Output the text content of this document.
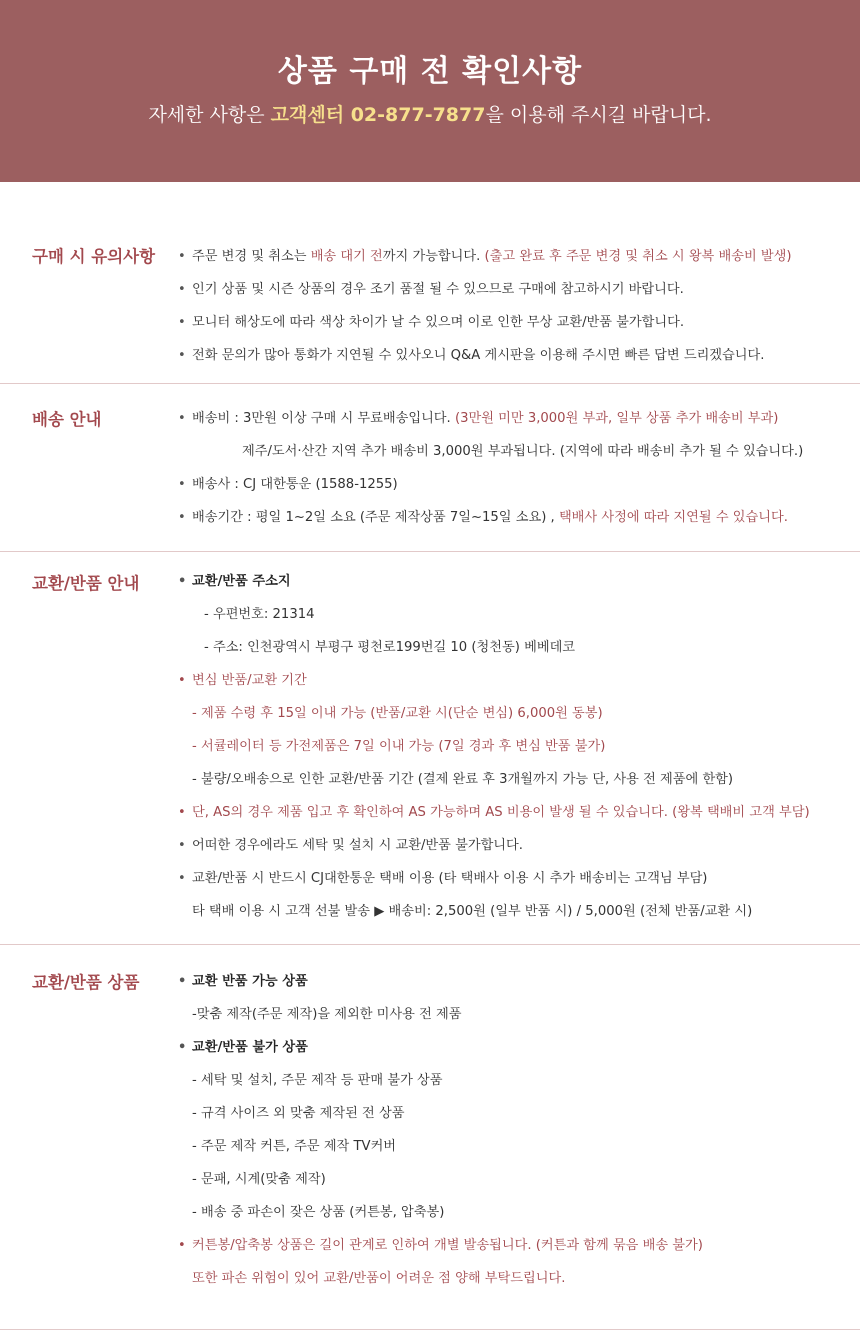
상품 구매 전 확인사항
자세한 사항은 고객센터 02-877-7877을 이용해 주시길 바랍니다.
구매 시 유의사항	• 주문 변경 및 취소는 배송 대기 전까지 가능합니다. (출고 완료 후 주문 변경 및 취소 시 왕복 배송비 발생)
• 인기 상품 및 시즌 상품의 경우 조기 품절 될 수 있으므로 구매에 참고하시기 바랍니다.
• 모니터 해상도에 따라 색상 차이가 날 수 있으며 이로 인한 무상 교환/반품 불가합니다.
• 전화 문의가 많아 통화가 지연될 수 있사오니 Q&A 게시판을 이용해 주시면 빠른 답변 드리겠습니다.
배송 안내	• 배송비 : 3만원 이상 구매 시 무료배송입니다. (3만원 미만 3,000원 부과, 일부 상품 추가 배송비 부과)
제주/도서·산간 지역 추가 배송비 3,000원 부과됩니다. (지역에 따라 배송비 추가 될 수 있습니다.)
• 배송사 : CJ 대한통운 (1588-1255)
• 배송기간 : 평일 1~2일 소요 (주문 제작상품 7일~15일 소요) , 택배사 사정에 따라 지연될 수 있습니다.
교환/반품 안내	• 교환/반품 주소지
- 우편번호: 21314
- 주소: 인천광역시 부평구 평천로199번길 10 (청천동) 베베데코
• 변심 반품/교환 기간
- 제품 수령 후 15일 이내 가능 (반품/교환 시(단순 변심) 6,000원 동봉)
- 서큘레이터 등 가전제품은 7일 이내 가능 (7일 경과 후 변심 반품 불가)
- 불량/오배송으로 인한 교환/반품 기간 (결제 완료 후 3개월까지 가능 단, 사용 전 제품에 한함)
• 단, AS의 경우 제품 입고 후 확인하여 AS 가능하며 AS 비용이 발생 될 수 있습니다. (왕복 택배비 고객 부담)
• 어떠한 경우에라도 세탁 및 설치 시 교환/반품 불가합니다.
• 교환/반품 시 반드시 CJ대한통운 택배 이용 (타 택배사 이용 시 추가 배송비는 고객님 부담)
타 택배 이용 시 고객 선불 발송 ▶ 배송비: 2,500원 (일부 반품 시) / 5,000원 (전체 반품/교환 시)
교환/반품 상품	• 교환 반품 가능 상품
-맞춤 제작(주문 제작)을 제외한 미사용 전 제품
• 교환/반품 불가 상품
- 세탁 및 설치, 주문 제작 등 판매 불가 상품
- 규격 사이즈 외 맞춤 제작된 전 상품
- 주문 제작 커튼, 주문 제작 TV커버
- 문패, 시계(맞춤 제작)
- 배송 중 파손이 잦은 상품 (커튼봉, 압축봉)
• 커튼봉/압축봉 상품은 길이 관계로 인하여 개별 발송됩니다. (커튼과 함께 묶음 배송 불가)
또한 파손 위험이 있어 교환/반품이 어려운 점 양해 부탁드립니다.
